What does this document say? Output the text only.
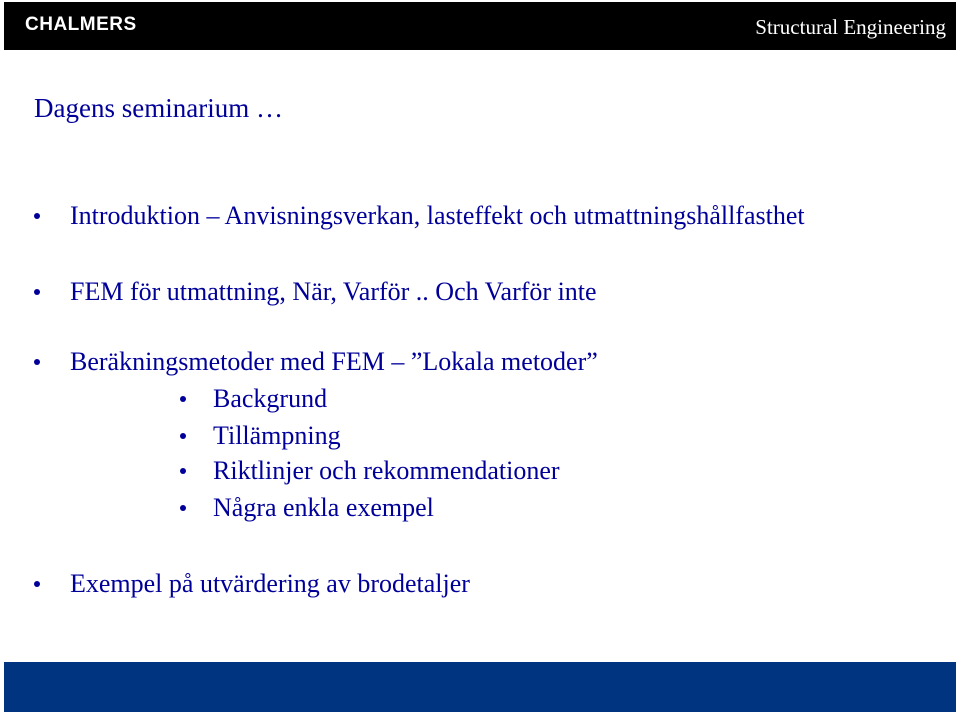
CHALMERS	Structural Engineering
Dagens seminarium …
Introduktion – Anvisningsverkan, lasteffekt och utmattningshållfasthet
FEM för utmattning, När, Varför .. Och Varför inte
Beräkningsmetoder med FEM – ”Lokala metoder”
Backgrund
Tillämpning
Riktlinjer och rekommendationer
Några enkla exempel
Exempel på utvärdering av brodetaljer
